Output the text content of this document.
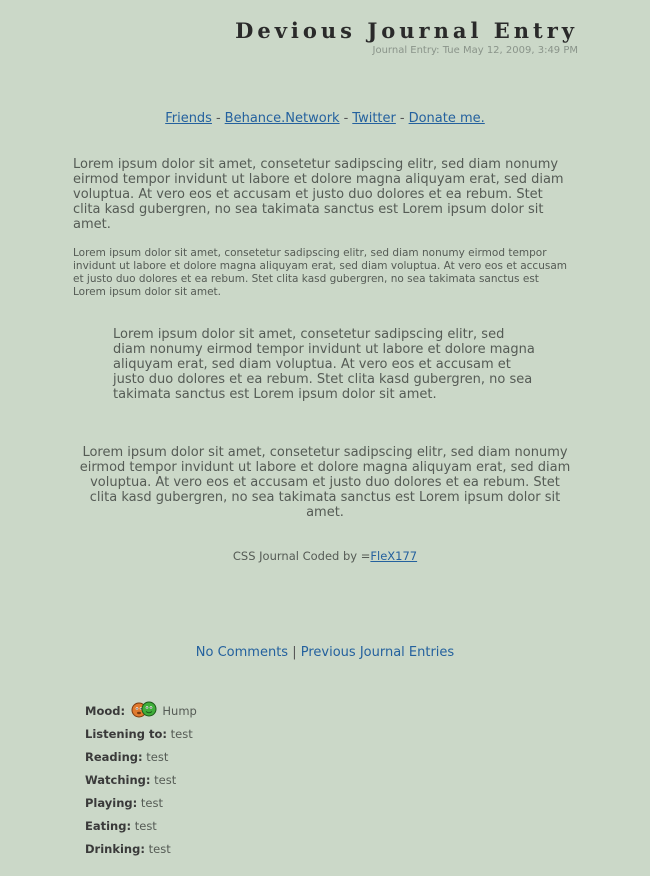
Devious Journal Entry
Journal Entry: Tue May 12, 2009, 3:49 PM
Friends - Behance.Network - Twitter - Donate me.
Lorem ipsum dolor sit amet, consetetur sadipscing elitr, sed diam nonumy eirmod tempor invidunt ut labore et dolore magna aliquyam erat, sed diam voluptua. At vero eos et accusam et justo duo dolores et ea rebum. Stet clita kasd gubergren, no sea takimata sanctus est Lorem ipsum dolor sit amet.
Lorem ipsum dolor sit amet, consetetur sadipscing elitr, sed diam nonumy eirmod tempor invidunt ut labore et dolore magna aliquyam erat, sed diam voluptua. At vero eos et accusam et justo duo dolores et ea rebum. Stet clita kasd gubergren, no sea takimata sanctus est Lorem ipsum dolor sit amet.
Lorem ipsum dolor sit amet, consetetur sadipscing elitr, sed diam nonumy eirmod tempor invidunt ut labore et dolore magna aliquyam erat, sed diam voluptua. At vero eos et accusam et justo duo dolores et ea rebum. Stet clita kasd gubergren, no sea takimata sanctus est Lorem ipsum dolor sit amet.
Lorem ipsum dolor sit amet, consetetur sadipscing elitr, sed diam nonumy eirmod tempor invidunt ut labore et dolore magna aliquyam erat, sed diam voluptua. At vero eos et accusam et justo duo dolores et ea rebum. Stet clita kasd gubergren, no sea takimata sanctus est Lorem ipsum dolor sit amet.
CSS Journal Coded by =FleX177
No Comments | Previous Journal Entries
Mood:	Hump
Listening to: test
Reading: test
Watching: test
Playing: test
Eating: test
Drinking: test
